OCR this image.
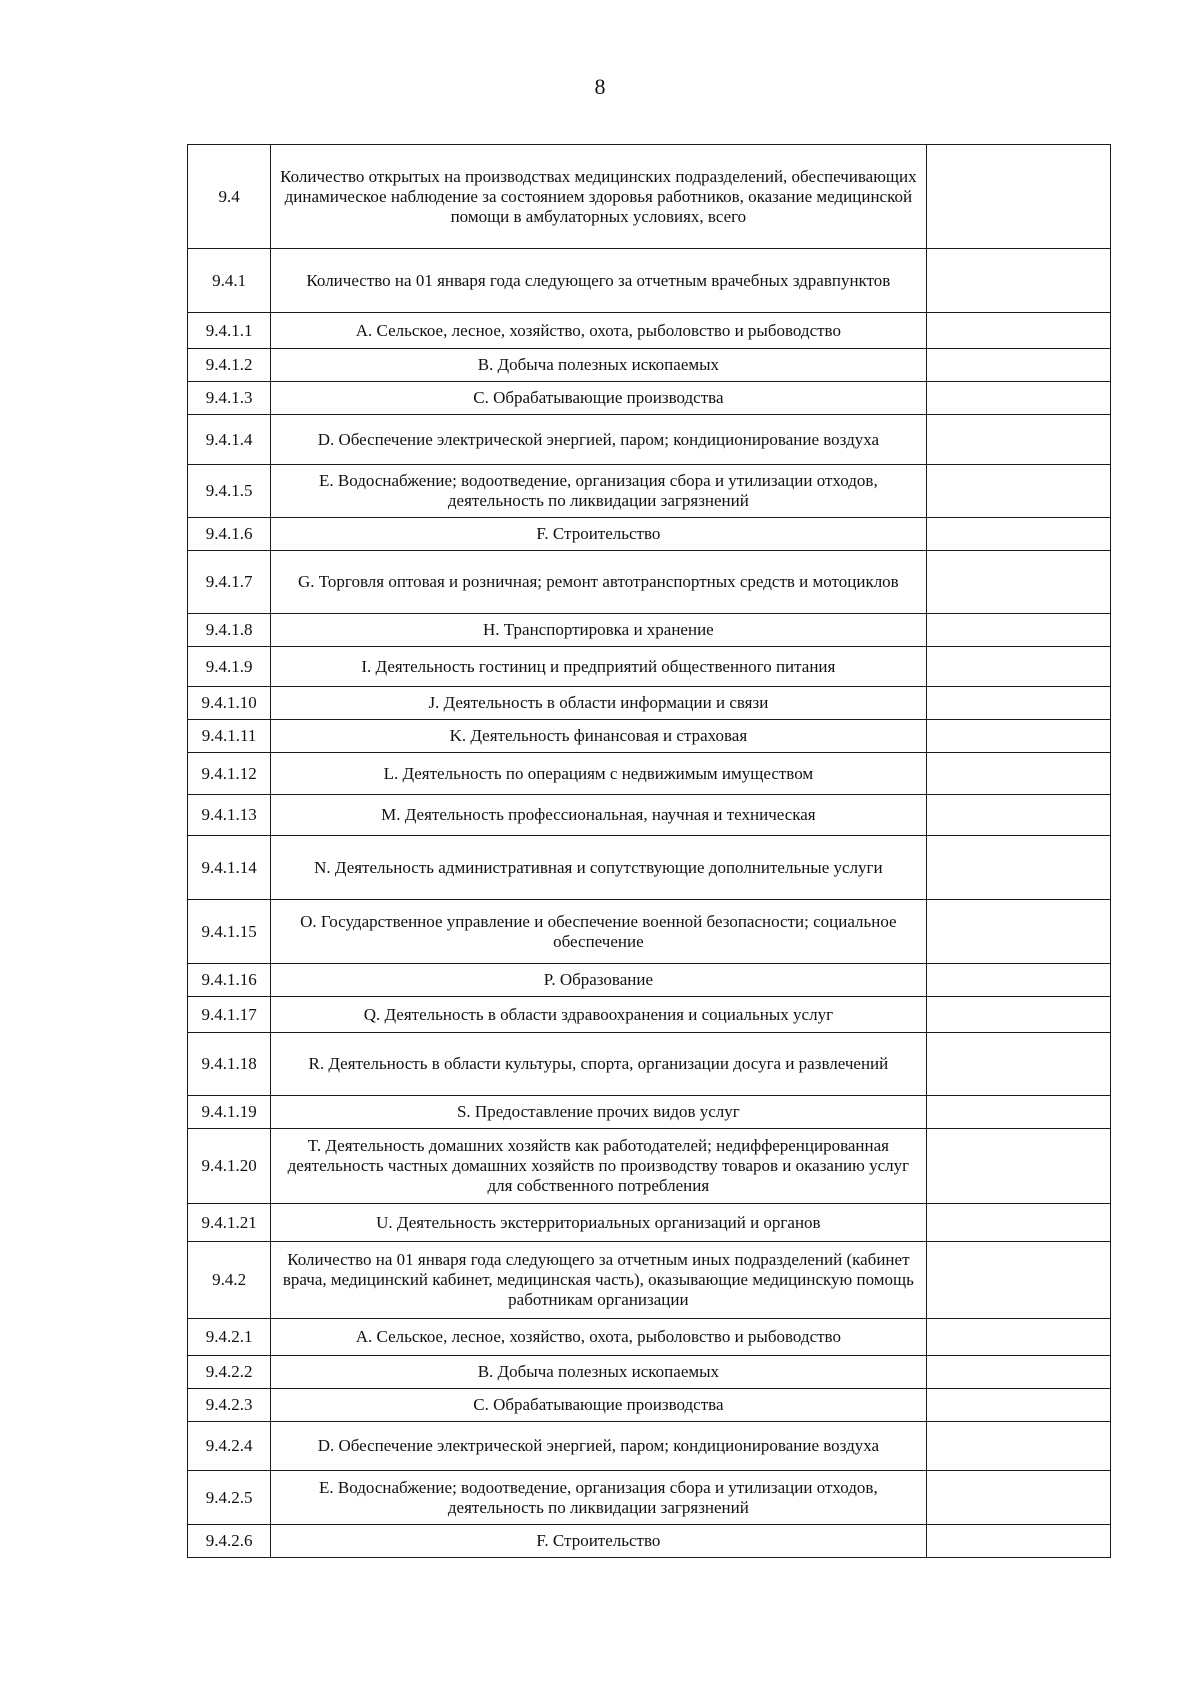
8
9.4	Количество открытых на производствах медицинских подразделений, обеспечивающих динамическое наблюдение за состоянием здоровья работников, оказание медицинской помощи в амбулаторных условиях, всего	
9.4.1	Количество на 01 января года следующего за отчетным врачебных здравпунктов	
9.4.1.1	A. Сельское, лесное, хозяйство, охота, рыболовство и рыбоводство	
9.4.1.2	B. Добыча полезных ископаемых	
9.4.1.3	C. Обрабатывающие производства	
9.4.1.4	D. Обеспечение электрической энергией, паром; кондиционирование воздуха	
9.4.1.5	E. Водоснабжение; водоотведение, организация сбора и утилизации отходов, деятельность по ликвидации загрязнений	
9.4.1.6	F. Строительство	
9.4.1.7	G. Торговля оптовая и розничная; ремонт автотранспортных средств и мотоциклов	
9.4.1.8	H. Транспортировка и хранение	
9.4.1.9	I. Деятельность гостиниц и предприятий общественного питания	
9.4.1.10	J. Деятельность в области информации и связи	
9.4.1.11	K. Деятельность финансовая и страховая	
9.4.1.12	L. Деятельность по операциям с недвижимым имуществом	
9.4.1.13	M. Деятельность профессиональная, научная и техническая	
9.4.1.14	N. Деятельность административная и сопутствующие дополнительные услуги	
9.4.1.15	O. Государственное управление и обеспечение военной безопасности; социальное обеспечение	
9.4.1.16	P. Образование	
9.4.1.17	Q. Деятельность в области здравоохранения и социальных услуг	
9.4.1.18	R. Деятельность в области культуры, спорта, организации досуга и развлечений	
9.4.1.19	S. Предоставление прочих видов услуг	
9.4.1.20	T. Деятельность домашних хозяйств как работодателей; недифференцированная деятельность частных домашних хозяйств по производству товаров и оказанию услуг для собственного потребления	
9.4.1.21	U. Деятельность экстерриториальных организаций и органов	
9.4.2	Количество на 01 января года следующего за отчетным иных подразделений (кабинет врача, медицинский кабинет, медицинская часть), оказывающие медицинскую помощь работникам организации	
9.4.2.1	A. Сельское, лесное, хозяйство, охота, рыболовство и рыбоводство	
9.4.2.2	B. Добыча полезных ископаемых	
9.4.2.3	C. Обрабатывающие производства	
9.4.2.4	D. Обеспечение электрической энергией, паром; кондиционирование воздуха	
9.4.2.5	E. Водоснабжение; водоотведение, организация сбора и утилизации отходов, деятельность по ликвидации загрязнений	
9.4.2.6	F. Строительство	
